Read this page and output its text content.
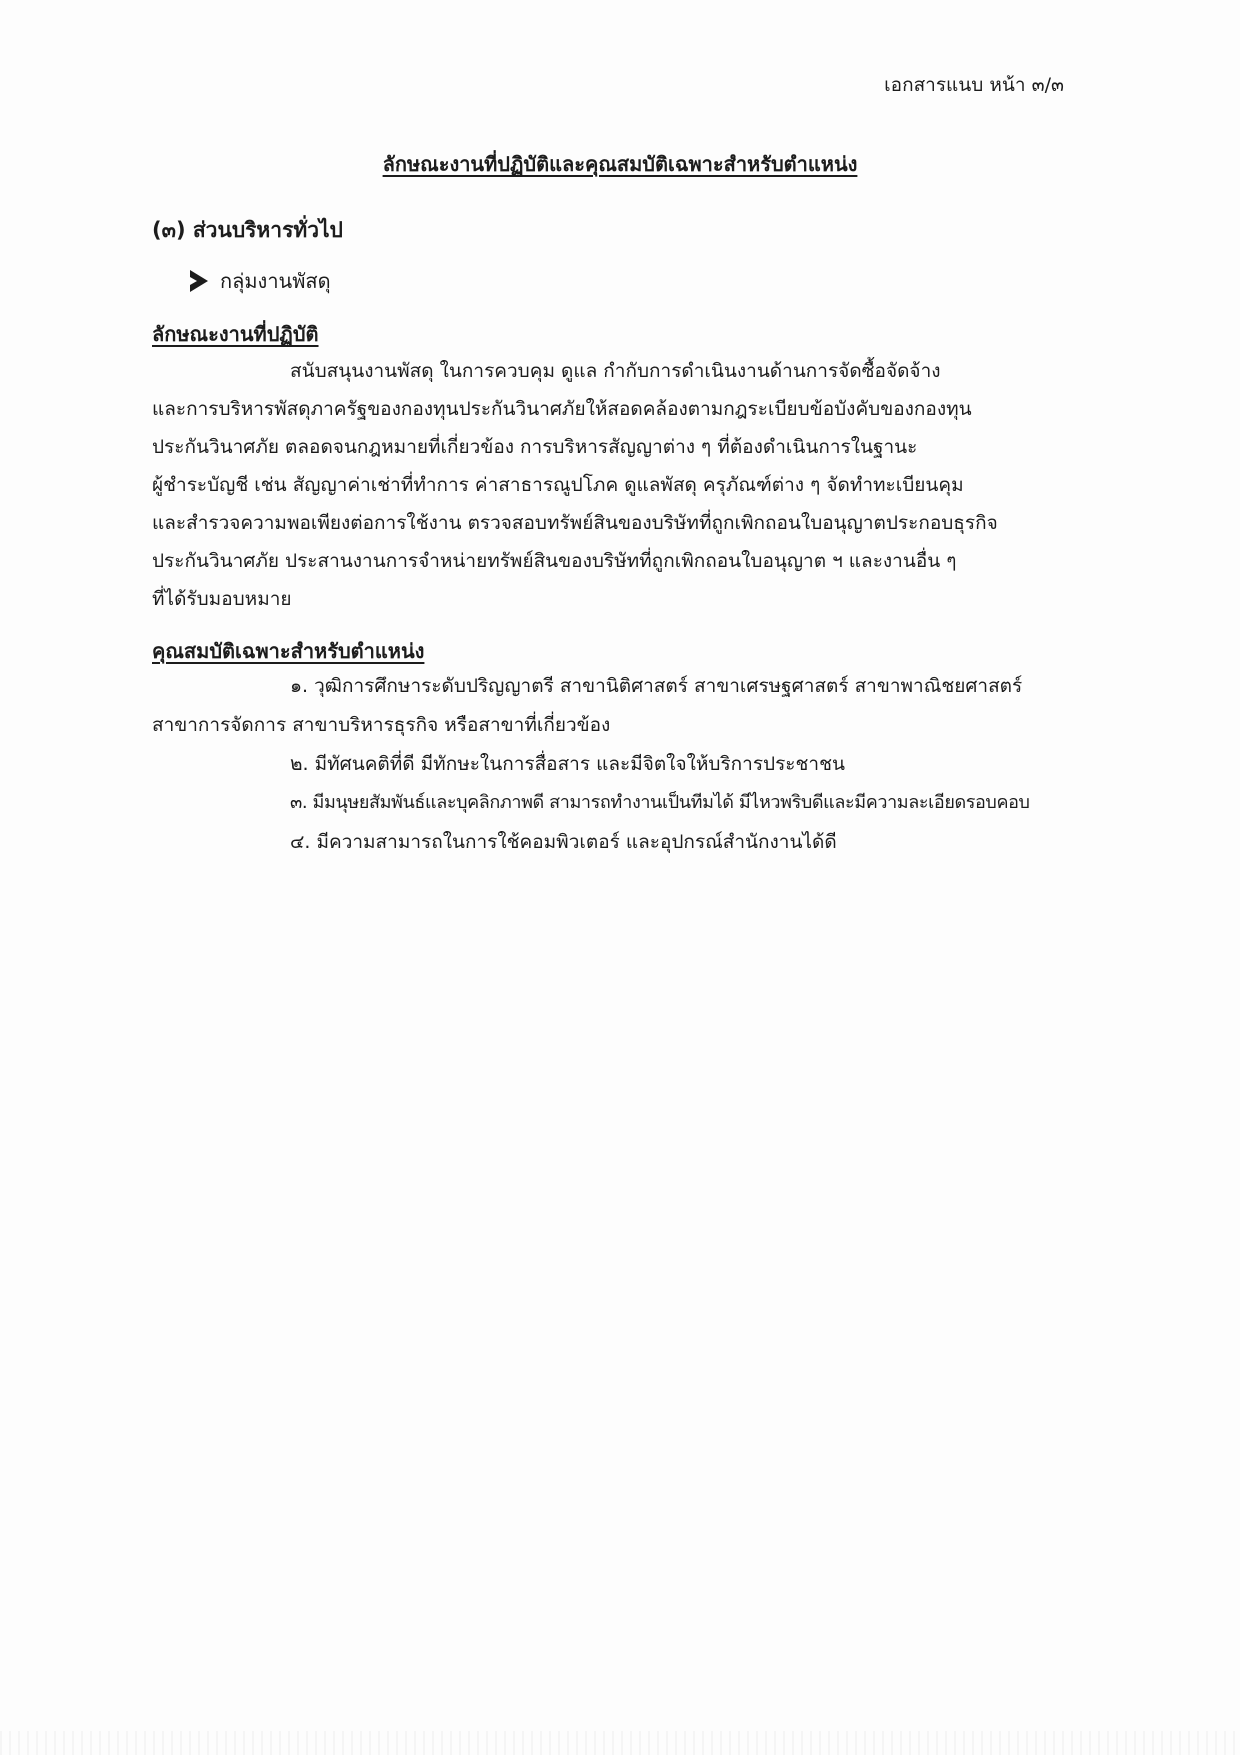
เอกสารแนบ หน้า ๓/๓
ลักษณะงานที่ปฏิบัติและคุณสมบัติเฉพาะสำหรับตำแหน่ง
(๓) ส่วนบริหารทั่วไป
กลุ่มงานพัสดุ
ลักษณะงานที่ปฏิบัติ
สนับสนุนงานพัสดุ ในการควบคุม ดูแล กำกับการดำเนินงานด้านการจัดซื้อจัดจ้าง
และการบริหารพัสดุภาครัฐของกองทุนประกันวินาศภัยให้สอดคล้องตามกฎระเบียบข้อบังคับของกองทุน
ประกันวินาศภัย ตลอดจนกฎหมายที่เกี่ยวข้อง การบริหารสัญญาต่าง ๆ ที่ต้องดำเนินการในฐานะ
ผู้ชำระบัญชี เช่น สัญญาค่าเช่าที่ทำการ ค่าสาธารณูปโภค ดูแลพัสดุ ครุภัณฑ์ต่าง ๆ จัดทำทะเบียนคุม
และสำรวจความพอเพียงต่อการใช้งาน ตรวจสอบทรัพย์สินของบริษัทที่ถูกเพิกถอนใบอนุญาตประกอบธุรกิจ
ประกันวินาศภัย ประสานงานการจำหน่ายทรัพย์สินของบริษัทที่ถูกเพิกถอนใบอนุญาต ฯ และงานอื่น ๆ
ที่ได้รับมอบหมาย
คุณสมบัติเฉพาะสำหรับตำแหน่ง
๑. วุฒิการศึกษาระดับปริญญาตรี สาขานิติศาสตร์ สาขาเศรษฐศาสตร์ สาขาพาณิชยศาสตร์
สาขาการจัดการ สาขาบริหารธุรกิจ หรือสาขาที่เกี่ยวข้อง
๒. มีทัศนคติที่ดี มีทักษะในการสื่อสาร และมีจิตใจให้บริการประชาชน
๓. มีมนุษยสัมพันธ์และบุคลิกภาพดี สามารถทำงานเป็นทีมได้ มีไหวพริบดีและมีความละเอียดรอบคอบ
๔. มีความสามารถในการใช้คอมพิวเตอร์ และอุปกรณ์สำนักงานได้ดี
